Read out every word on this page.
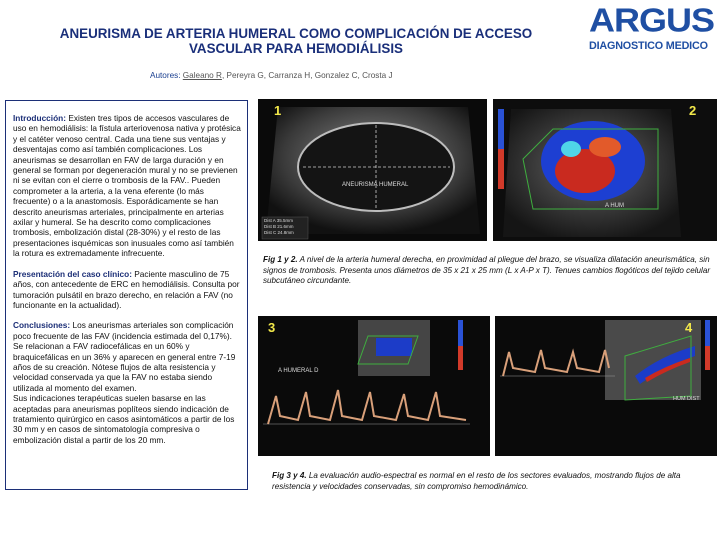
ANEURISMA DE ARTERIA HUMERAL COMO COMPLICACIÓN DE ACCESO
VASCULAR PARA HEMODIÁLISIS
Autores: Galeano R, Pereyra G, Carranza H, Gonzalez C, Crosta J
ARGUS
DIAGNOSTICO MEDICO

Introducción: Existen tres tipos de accesos vasculares de uso en hemodiálisis: la fístula arteriovenosa nativa y protésica y el catéter venoso central. Cada una tiene sus ventajas y desventajas como así también complicaciones. Los aneurismas se desarrollan en FAV de larga duración y en general se forman por degeneración mural y no se previenen ni se evitan con el cierre o trombosis de la FAV.. Pueden comprometer a la arteria, a la vena eferente (lo más frecuente) o a la anastomosis. Esporádicamente se han descrito aneurismas arteriales, principalmente en arterias axilar y humeral. Se ha descrito como complicaciones trombosis, embolización distal (28-30%) y el resto de las presentaciones isquémicas son inusuales como así también la rotura es extremadamente infrecuente.

Presentación del caso clínico: Paciente masculino de 75 años, con antecedente de ERC en hemodiálisis. Consulta por tumoración pulsátil en brazo derecho, en relación a FAV (no funcionante en la actualidad).

Conclusiones: Los aneurismas arteriales son complicación poco frecuente de las FAV (incidencia estimada del 0,17%). Se relacionan a FAV radiocefálicas en un 60% y braquicefálicas en un 36% y aparecen en general entre 7-19 años de su creación. Nótese flujos de alta resistencia y velocidad conservada ya que la FAV no estaba siendo utilizada al momento del examen.

Sus indicaciones terapéuticas suelen basarse en las aceptadas para aneurismas poplíteos siendo indicación de tratamiento quirúrgico en casos asintomáticos a partir de los 30 mm y en casos de sintomatología compresiva o embolización distal a partir de los 20 mm.

1
ANEURISMA HUMERAL
Dist A 35.5mm
Dist B 21.6mm
Dist C 24.8mm
2
A HUM
3
A HUMERAL D
4
HUM DIST
Fig 1 y 2. A nivel de la arteria humeral derecha, en proximidad al pliegue del brazo, se visualiza dilatación aneurismática, sin signos de trombosis. Presenta unos diámetros de 35 x 21 x 25 mm (L x A-P x T). Tenues cambios flogóticos del tejido celular subcutáneo circundante.
Fig 3 y 4. La evaluación audio-espectral es normal en el resto de los sectores evaluados, mostrando flujos de alta resistencia y velocidades conservadas, sin compromiso hemodinámico.
